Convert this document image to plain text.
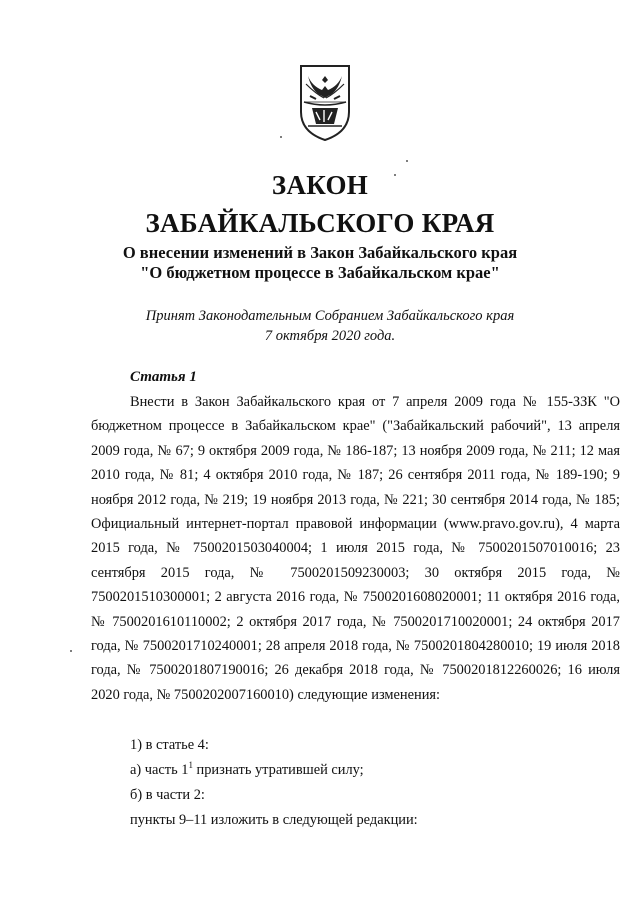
ЗАКОН
ЗАБАЙКАЛЬСКОГО КРАЯ
О внесении изменений в Закон Забайкальского края
"О бюджетном процессе в Забайкальском крае"
Принят Законодательным Собранием Забайкальского края
7 октября 2020 года.
Статья 1

Внести в Закон Забайкальского края от 7 апреля 2009 года № 155-ЗЗК "О бюджетном процессе в Забайкальском крае" ("Забайкальский рабочий", 13 апреля 2009 года, № 67; 9 октября 2009 года, № 186-187; 13 ноября 2009 года, № 211; 12 мая 2010 года, № 81; 4 октября 2010 года, № 187; 26 сентября 2011 года, № 189-190; 9 ноября 2012 года, № 219; 19 ноября 2013 года, № 221; 30 сентября 2014 года, № 185; Официальный интернет-портал правовой информации (www.pravo.gov.ru), 4 марта 2015 года, № 7500201503040004; 1 июля 2015 года, № 7500201507010016; 23 сентября 2015 года, № 7500201509230003; 30 октября 2015 года, № 7500201510300001; 2 августа 2016 года, № 7500201608020001; 11 октября 2016 года, № 7500201610110002; 2 октября 2017 года, № 7500201710020001; 24 октября 2017 года, № 7500201710240001; 28 апреля 2018 года, № 7500201804280010; 19 июля 2018 года, № 7500201807190016; 26 декабря 2018 года, № 7500201812260026; 16 июля 2020 года, № 7500202007160010) следующие изменения:

1) в статье 4:
а) часть $1^1$ признать утратившей силу;
б) в части 2:
пункты 9–11 изложить в следующей редакции:
